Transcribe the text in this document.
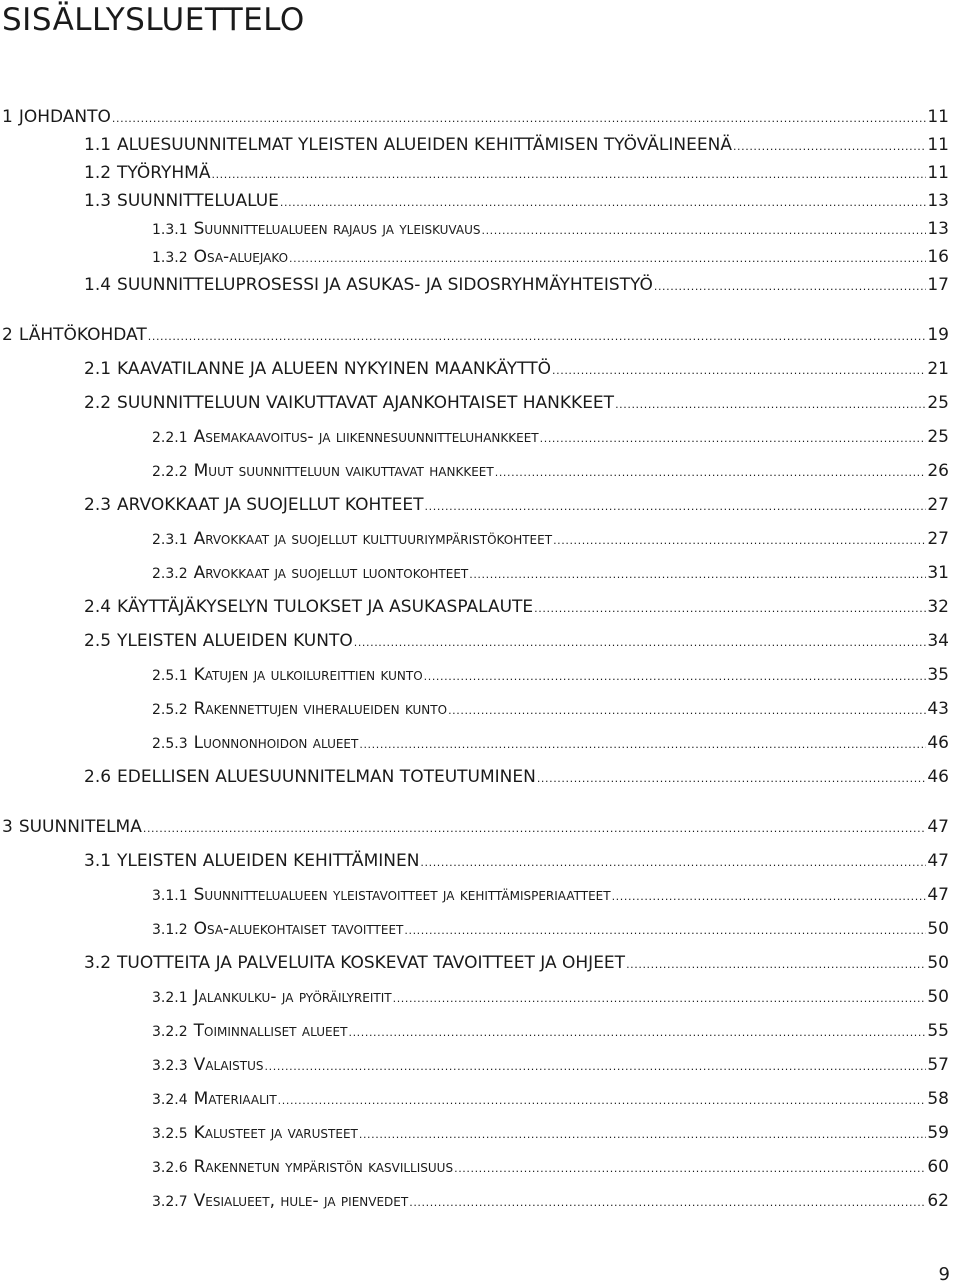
SISÄLLYSLUETTELO
1 JOHDANTO .....	11
1.1 ALUESUUNNITELMAT YLEISTEN ALUEIDEN KEHITTÄMISEN TYÖVÄLINEENÄ .....	11
1.2 TYÖRYHMÄ .....	11
1.3 SUUNNITTELUALUE .....	13
1.3.1 Suunnittelualueen rajaus ja yleiskuvaus .....	13
1.3.2 Osa-aluejako .....	16
1.4 SUUNNITTELUPROSESSI JA ASUKAS- JA SIDOSRYHMÄYHTEISTYÖ .....	17
2 LÄHTÖKOHDAT .....	19
2.1 KAAVATILANNE JA ALUEEN NYKYINEN MAANKÄYTTÖ .....	21
2.2 SUUNNITTELUUN VAIKUTTAVAT AJANKOHTAISET HANKKEET .....	25
2.2.1 Asemakaavoitus- ja liikennesuunnitteluhankkeet .....	25
2.2.2 Muut suunnitteluun vaikuttavat hankkeet .....	26
2.3 ARVOKKAAT JA SUOJELLUT KOHTEET .....	27
2.3.1 Arvokkaat ja suojellut kulttuuriympäristökohteet .....	27
2.3.2 Arvokkaat ja suojellut luontokohteet .....	31
2.4 KÄYTTÄJÄKYSELYN TULOKSET JA ASUKASPALAUTE .....	32
2.5 YLEISTEN ALUEIDEN KUNTO .....	34
2.5.1 Katujen ja ulkoilureittien kunto .....	35
2.5.2 Rakennettujen viheralueiden kunto .....	43
2.5.3 Luonnonhoidon alueet .....	46
2.6 EDELLISEN ALUESUUNNITELMAN TOTEUTUMINEN .....	46
3 SUUNNITELMA .....	47
3.1 YLEISTEN ALUEIDEN KEHITTÄMINEN .....	47
3.1.1 Suunnittelualueen yleistavoitteet ja kehittämisperiaatteet .....	47
3.1.2 Osa-aluekohtaiset tavoitteet .....	50
3.2 TUOTTEITA JA PALVELUITA KOSKEVAT TAVOITTEET JA OHJEET .....	50
3.2.1 Jalankulku- ja pyöräilyreitit .....	50
3.2.2 Toiminnalliset alueet .....	55
3.2.3 Valaistus .....	57
3.2.4 Materiaalit .....	58
3.2.5 Kalusteet ja varusteet .....	59
3.2.6 Rakennetun ympäristön kasvillisuus .....	60
3.2.7 Vesialueet, hule- ja pienvedet .....	62
9
